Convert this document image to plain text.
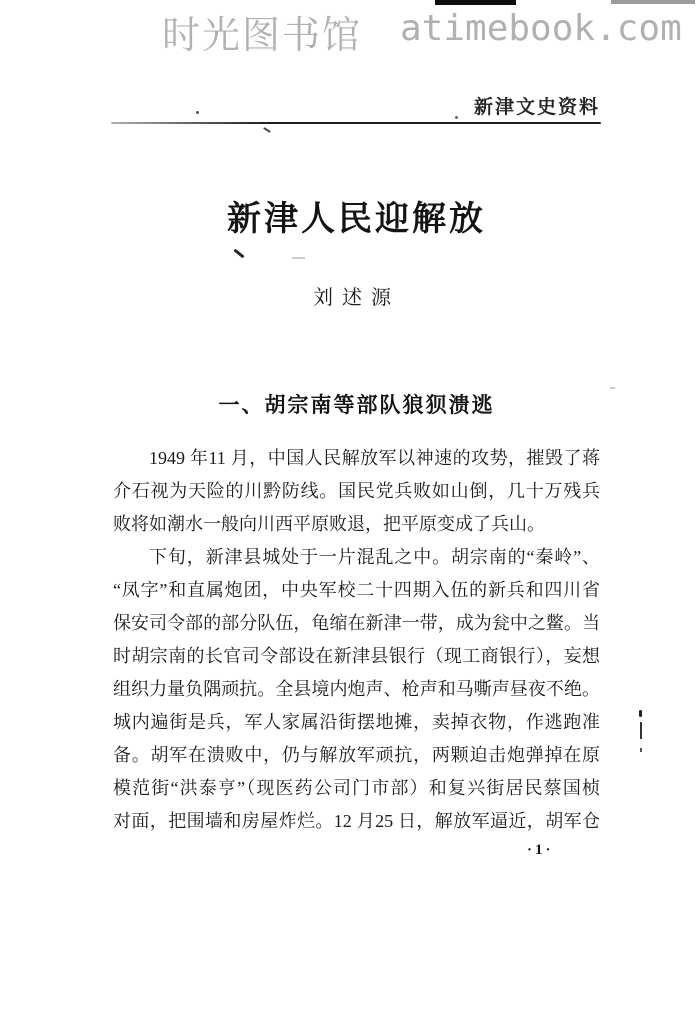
时光图书馆 atimebook.com
新津文史资料
新津人民迎解放
刘述源
一、胡宗南等部队狼狈溃逃
1949 年11 月，中国人民解放军以神速的攻势，摧毁了蒋
介石视为天险的川黔防线。国民党兵败如山倒，几十万残兵
败将如潮水一般向川西平原败退，把平原变成了兵山。
下旬，新津县城处于一片混乱之中。胡宗南的“秦岭”、
“凤字”和直属炮团，中央军校二十四期入伍的新兵和四川省
保安司令部的部分队伍，龟缩在新津一带，成为瓮中之鳖。当
时胡宗南的长官司令部设在新津县银行（现工商银行），妄想
组织力量负隅顽抗。全县境内炮声、枪声和马嘶声昼夜不绝。
城内遍街是兵，军人家属沿街摆地摊，卖掉衣物，作逃跑准
备。胡军在溃败中，仍与解放军顽抗，两颗迫击炮弹掉在原
模范街“洪泰亨”（现医药公司门市部）和复兴街居民蔡国桢
对面，把围墙和房屋炸烂。12 月25 日，解放军逼近，胡军仓
·1·
